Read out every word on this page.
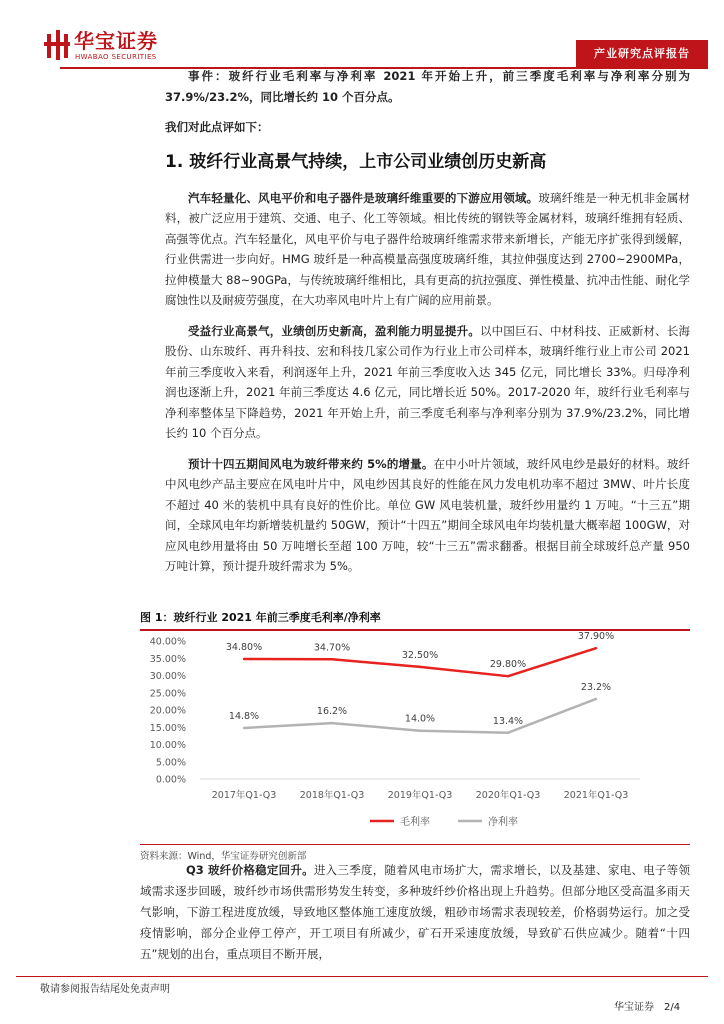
华宝证券
HWABAO SECURITIES	产业研究点评报告

事件：玻纤行业毛利率与净利率 2021 年开始上升，前三季度毛利率与净利率分别为 37.9%/23.2%，同比增长约 10 个百分点。

我们对此点评如下：

1. 玻纤行业高景气持续，上市公司业绩创历史新高

汽车轻量化、风电平价和电子器件是玻璃纤维重要的下游应用领域。玻璃纤维是一种无机非金属材料，被广泛应用于建筑、交通、电子、化工等领域。相比传统的钢铁等金属材料，玻璃纤维拥有轻质、高强等优点。汽车轻量化，风电平价与电子器件给玻璃纤维需求带来新增长，产能无序扩张得到缓解，行业供需进一步向好。HMG 玻纤是一种高模量高强度玻璃纤维，其拉伸强度达到 2700~2900MPa，拉伸模量大 88~90GPa，与传统玻璃纤维相比，具有更高的抗拉强度、弹性模量、抗冲击性能、耐化学腐蚀性以及耐疲劳强度，在大功率风电叶片上有广阔的应用前景。

受益行业高景气，业绩创历史新高，盈利能力明显提升。以中国巨石、中材科技、正威新材、长海股份、山东玻纤、再升科技、宏和科技几家公司作为行业上市公司样本，玻璃纤维行业上市公司 2021 年前三季度收入来看，利润逐年上升，2021 年前三季度收入达 345 亿元，同比增长 33%。归母净利润也逐渐上升，2021 年前三季度达 4.6 亿元，同比增长近 50%。2017-2020 年，玻纤行业毛利率与净利率整体呈下降趋势，2021 年开始上升，前三季度毛利率与净利率分别为 37.9%/23.2%，同比增长约 10 个百分点。

预计十四五期间风电为玻纤带来约 5%的增量。在中小叶片领域，玻纤风电纱是最好的材料。玻纤中风电纱产品主要应在风电叶片中，风电纱因其良好的性能在风力发电机功率不超过 3MW、叶片长度不超过 40 米的装机中具有良好的性价比。单位 GW 风电装机量，玻纤纱用量约 1 万吨。“十三五”期间，全球风电年均新增装机量约 50GW，预计“十四五”期间全球风电年均装机量大概率超 100GW，对应风电纱用量将由 50 万吨增长至超 100 万吨，较“十三五”需求翻番。根据目前全球玻纤总产量 950 万吨计算，预计提升玻纤需求为 5%。

图 1：玻纤行业 2021 年前三季度毛利率/净利率
0.00%
5.00%
10.00%
15.00%
20.00%
25.00%
30.00%
35.00%
40.00%
2017年Q1-Q3 2018年Q1-Q3 2019年Q1-Q3 2020年Q1-Q3 2021年Q1-Q3
34.80%	34.70%
32.50%
29.80%
37.90%
14.8%	16.2%
14.0%	13.4%
23.2%
毛利率	净利率
资料来源：Wind，华宝证券研究创新部

Q3 玻纤价格稳定回升。进入三季度，随着风电市场扩大，需求增长，以及基建、家电、电子等领域需求逐步回暖，玻纤纱市场供需形势发生转变，多种玻纤纱价格出现上升趋势。但部分地区受高温多雨天气影响，下游工程进度放缓，导致地区整体施工速度放缓，粗砂市场需求表现较差，价格弱势运行。加之受疫情影响，部分企业停工停产，开工项目有所减少，矿石开采速度放缓，导致矿石供应减少。随着“十四五”规划的出台，重点项目不断开展，

敬请参阅报告结尾处免责声明
华宝证券 2/4
